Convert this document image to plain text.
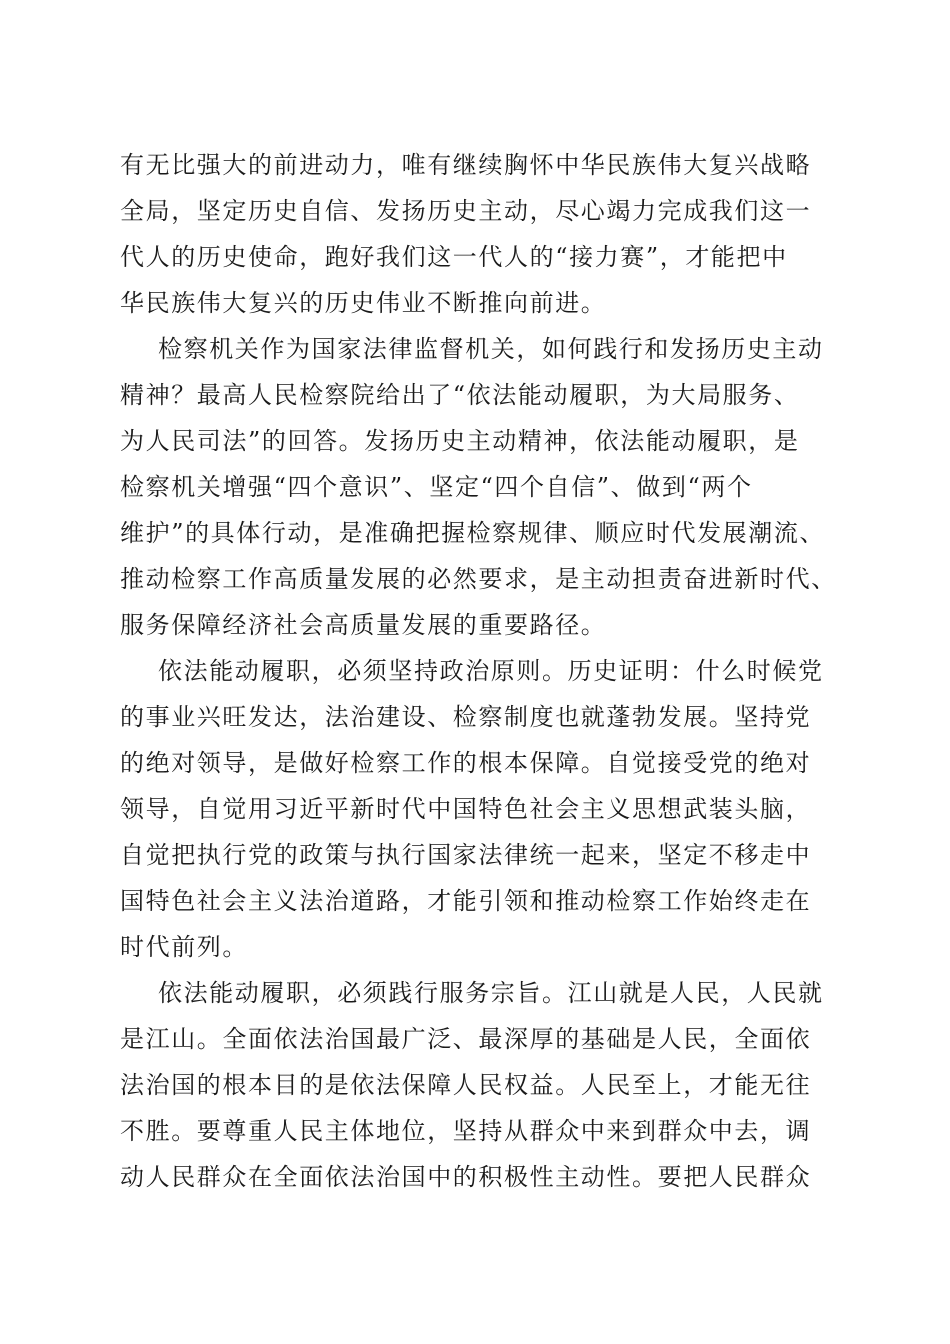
有无比强大的前进动力，唯有继续胸怀中华民族伟大复兴战略
全局，坚定历史自信、发扬历史主动，尽心竭力完成我们这一
代人的历史使命，跑好我们这一代人的“接力赛”，才能把中
华民族伟大复兴的历史伟业不断推向前进。
检察机关作为国家法律监督机关，如何践行和发扬历史主动
精神？最高人民检察院给出了“依法能动履职，为大局服务、
为人民司法”的回答。发扬历史主动精神，依法能动履职，是
检察机关增强“四个意识”、坚定“四个自信”、做到“两个
维护”的具体行动，是准确把握检察规律、顺应时代发展潮流、
推动检察工作高质量发展的必然要求，是主动担责奋进新时代、
服务保障经济社会高质量发展的重要路径。
依法能动履职，必须坚持政治原则。历史证明：什么时候党
的事业兴旺发达，法治建设、检察制度也就蓬勃发展。坚持党
的绝对领导，是做好检察工作的根本保障。自觉接受党的绝对
领导，自觉用习近平新时代中国特色社会主义思想武装头脑，
自觉把执行党的政策与执行国家法律统一起来，坚定不移走中
国特色社会主义法治道路，才能引领和推动检察工作始终走在
时代前列。
依法能动履职，必须践行服务宗旨。江山就是人民，人民就
是江山。全面依法治国最广泛、最深厚的基础是人民，全面依
法治国的根本目的是依法保障人民权益。人民至上，才能无往
不胜。要尊重人民主体地位，坚持从群众中来到群众中去，调
动人民群众在全面依法治国中的积极性主动性。要把人民群众
